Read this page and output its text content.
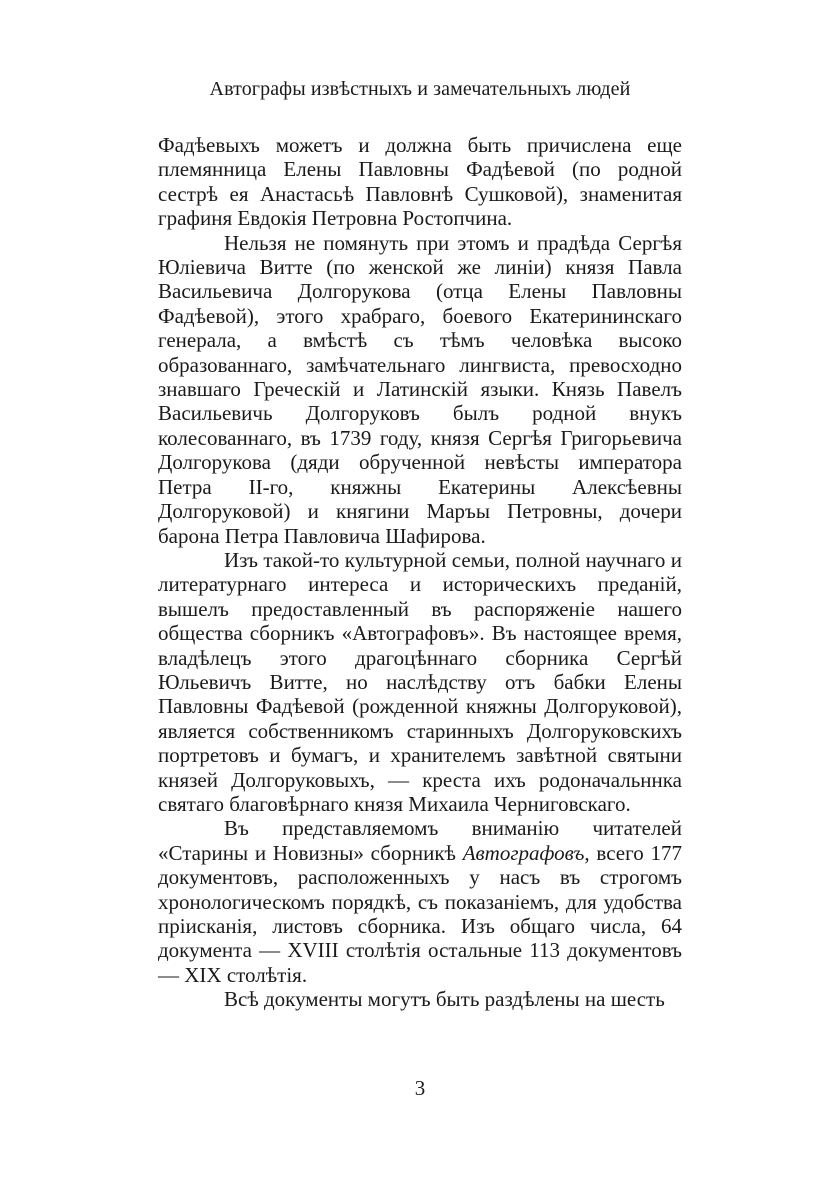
Автографы извѣстныхъ и замечательныхъ людей

Фадѣевыхъ можетъ и должна быть причислена еще племянница Елены Павловны Фадѣевой (по родной сестрѣ ея Анастасьѣ Павловнѣ Сушковой), знаменитая графиня Евдокія Петровна Ростопчина.

Нельзя не помянуть при этомъ и прадѣда Сергѣя Юліевича Витте (по женской же линіи) князя Павла Васильевича Долгорукова (отца Елены Павловны Фадѣевой), этого храбраго, боевого Екатерининскаго генерала, а вмѣстѣ съ тѣмъ человѣка высоко образованнаго, замѣчательнаго лингвиста, превосходно знавшаго Греческій и Латинскій языки. Князь Павелъ Васильевичь Долгоруковъ былъ родной внукъ колесованнаго, въ 1739 году, князя Сергѣя Григорьевича Долгорукова (дяди обрученной невѣсты императора Петра II-го, княжны Екатерины Алексѣевны Долгоруковой) и княгини Маръы Петровны, дочери барона Петра Павловича Шафирова.

Изъ такой-то культурной семьи, полной научнаго и литературнаго интереса и историческихъ преданій, вышелъ предоставленный въ распоряженіе нашего общества сборникъ «Автографовъ». Въ настоящее время, владѣлецъ этого драгоцѣннаго сборника Сергѣй Юльевичъ Витте, но наслѣдству отъ бабки Елены Павловны Фадѣевой (рожденной княжны Долгоруковой), является собственникомъ старинныхъ Долгоруковскихъ портретовъ и бумагъ, и хранителемъ завѣтной святыни князей Долгоруковыхъ, — креста ихъ родоначальннка святаго благовѣрнаго князя Михаила Черниговскаго.

Въ представляемомъ вниманію читателей «Старины и Новизны» сборникѣ Автографовъ, всего 177 документовъ, расположенныхъ у насъ въ строгомъ хронологическомъ порядкѣ, съ показаніемъ, для удобства пріисканія, листовъ сборника. Изъ общаго числа, 64 документа — XVIII столѣтія остальные 113 документовъ — XIX столѣтія.

Всѣ документы могутъ быть раздѣлены на шесть

3
